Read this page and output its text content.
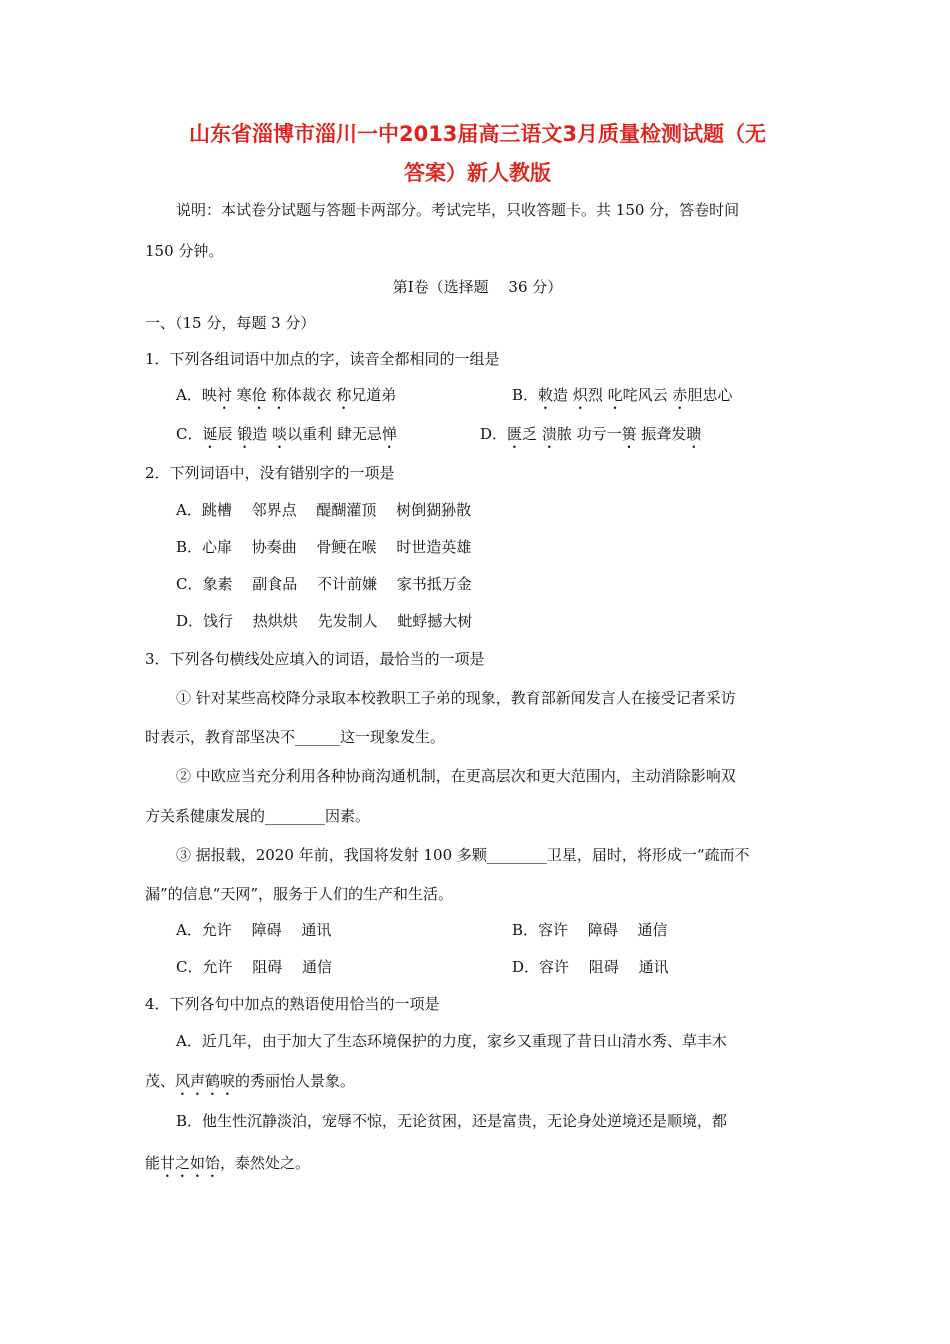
山东省淄博市淄川一中2013届高三语文3月质量检测试题（无
答案）新人教版
说明：本试卷分试题与答题卡两部分。考试完毕，只收答题卡。共 150 分，答卷时间
150 分钟。
第Ⅰ卷（选择题　 36 分）
一、（15 分，每题 3 分）
1．下列各组词语中加点的字，读音全都相同的一组是
A．映衬 寒伧 称体裁衣 称兄道弟	B．敕造 炽烈 叱咤风云 赤胆忠心
C．诞辰 锻造 啖以重利 肆无忌惮	D．匮乏 溃脓 功亏一篑 振聋发聩
2．下列词语中，没有错别字的一项是
A．跳槽　 邻界点　 醍醐灌顶　 树倒猢狲散
B．心扉　 协奏曲　 骨鲠在喉　 时世造英雄
C．象素　 副食品　 不计前嫌　 家书抵万金
D．饯行　 热烘烘　 先发制人　 蚍蜉撼大树
3．下列各句横线处应填入的词语，最恰当的一项是
① 针对某些高校降分录取本校教职工子弟的现象，教育部新闻发言人在接受记者采访
时表示，教育部坚决不______这一现象发生。
② 中欧应当充分利用各种协商沟通机制，在更高层次和更大范围内，主动消除影响双
方关系健康发展的________因素。
③ 据报载，2020 年前，我国将发射 100 多颗________卫星，届时，将形成一“疏而不
漏”的信息“天网”，服务于人们的生产和生活。
A．允许　 障碍　 通讯	B．容许　 障碍　 通信
C．允许　 阻碍　 通信	D．容许　 阻碍　 通讯
4．下列各句中加点的熟语使用恰当的一项是
A．近几年，由于加大了生态环境保护的力度，家乡又重现了昔日山清水秀、草丰木
茂、风声鹤唳的秀丽怡人景象。
B．他生性沉静淡泊，宠辱不惊，无论贫困，还是富贵，无论身处逆境还是顺境，都
能甘之如饴，泰然处之。
